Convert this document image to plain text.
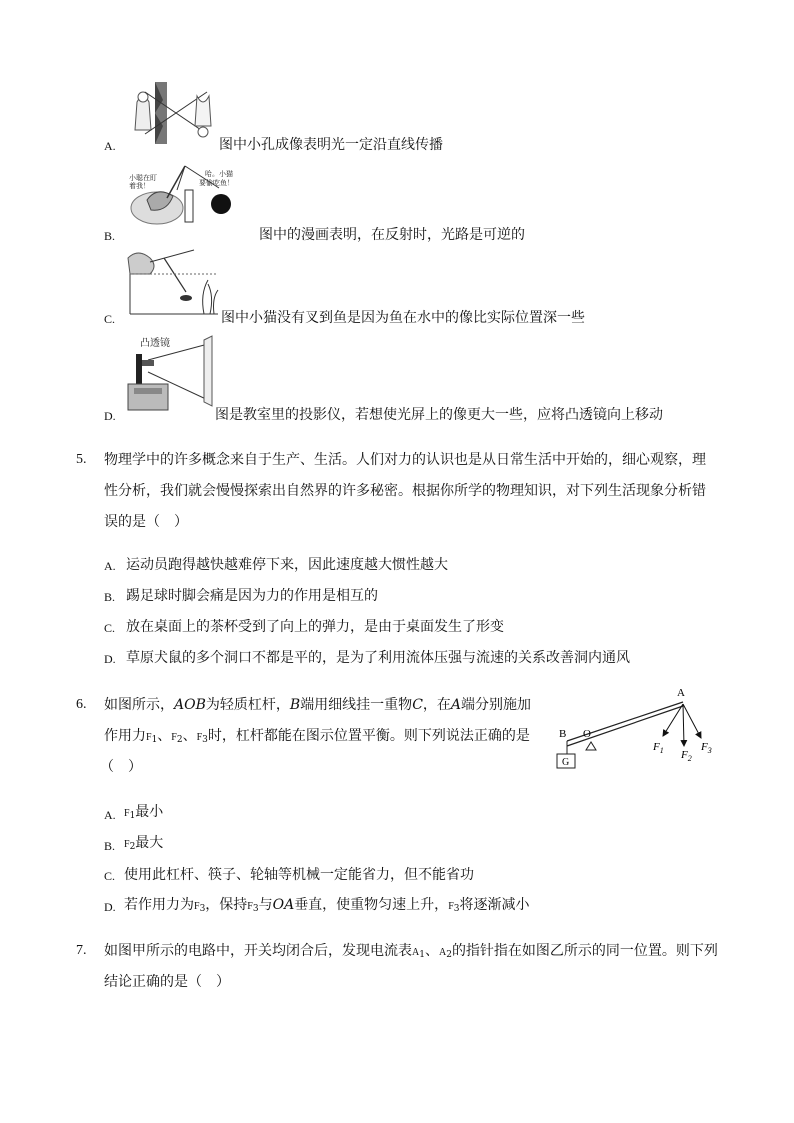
A.	图中小孔成像表明光一定沿直线传播
小聪在盯
着我！
哈。小猫
要偷吃鱼！
B.	图中的漫画表明，在反射时，光路是可逆的
C.	图中小猫没有叉到鱼是因为鱼在水中的像比实际位置深一些
凸透镜
D.	图是教室里的投影仪，若想使光屏上的像更大一些，应将凸透镜向上移动
5. 物理学中的许多概念来自于生产、生活。人们对力的认识也是从日常生活中开始的，细心观察，理
性分析，我们就会慢慢探索出自然界的许多秘密。根据你所学的物理知识，对下列生活现象分析错
误的是（　）
A. 运动员跑得越快越难停下来，因此速度越大惯性越大
B. 踢足球时脚会痛是因为力的作用是相互的
C. 放在桌面上的茶杯受到了向上的弹力，是由于桌面发生了形变
D. 草原犬鼠的多个洞口不都是平的，是为了利用流体压强与流速的关系改善洞内通风
6. 如图所示，AOB为轻质杠杆，B端用细线挂一重物C，在A端分别施加
作用力$F_1$、$F_2$、$F_3$时，杠杆都能在图示位置平衡。则下列说法正确的是
（　）	G
B O
A
$F_1$ $F_2$
$F_3$
A. $F_1$最小
B. $F_2$最大
C. 使用此杠杆、筷子、轮轴等机械一定能省力，但不能省功
D. 若作用力为$F_3$，保持$F_3$与OA垂直，使重物匀速上升，$F_3$将逐渐减小
7. 如图甲所示的电路中，开关均闭合后，发现电流表$A_1$、$A_2$的指针指在如图乙所示的同一位置。则下列
结论正确的是（　）
